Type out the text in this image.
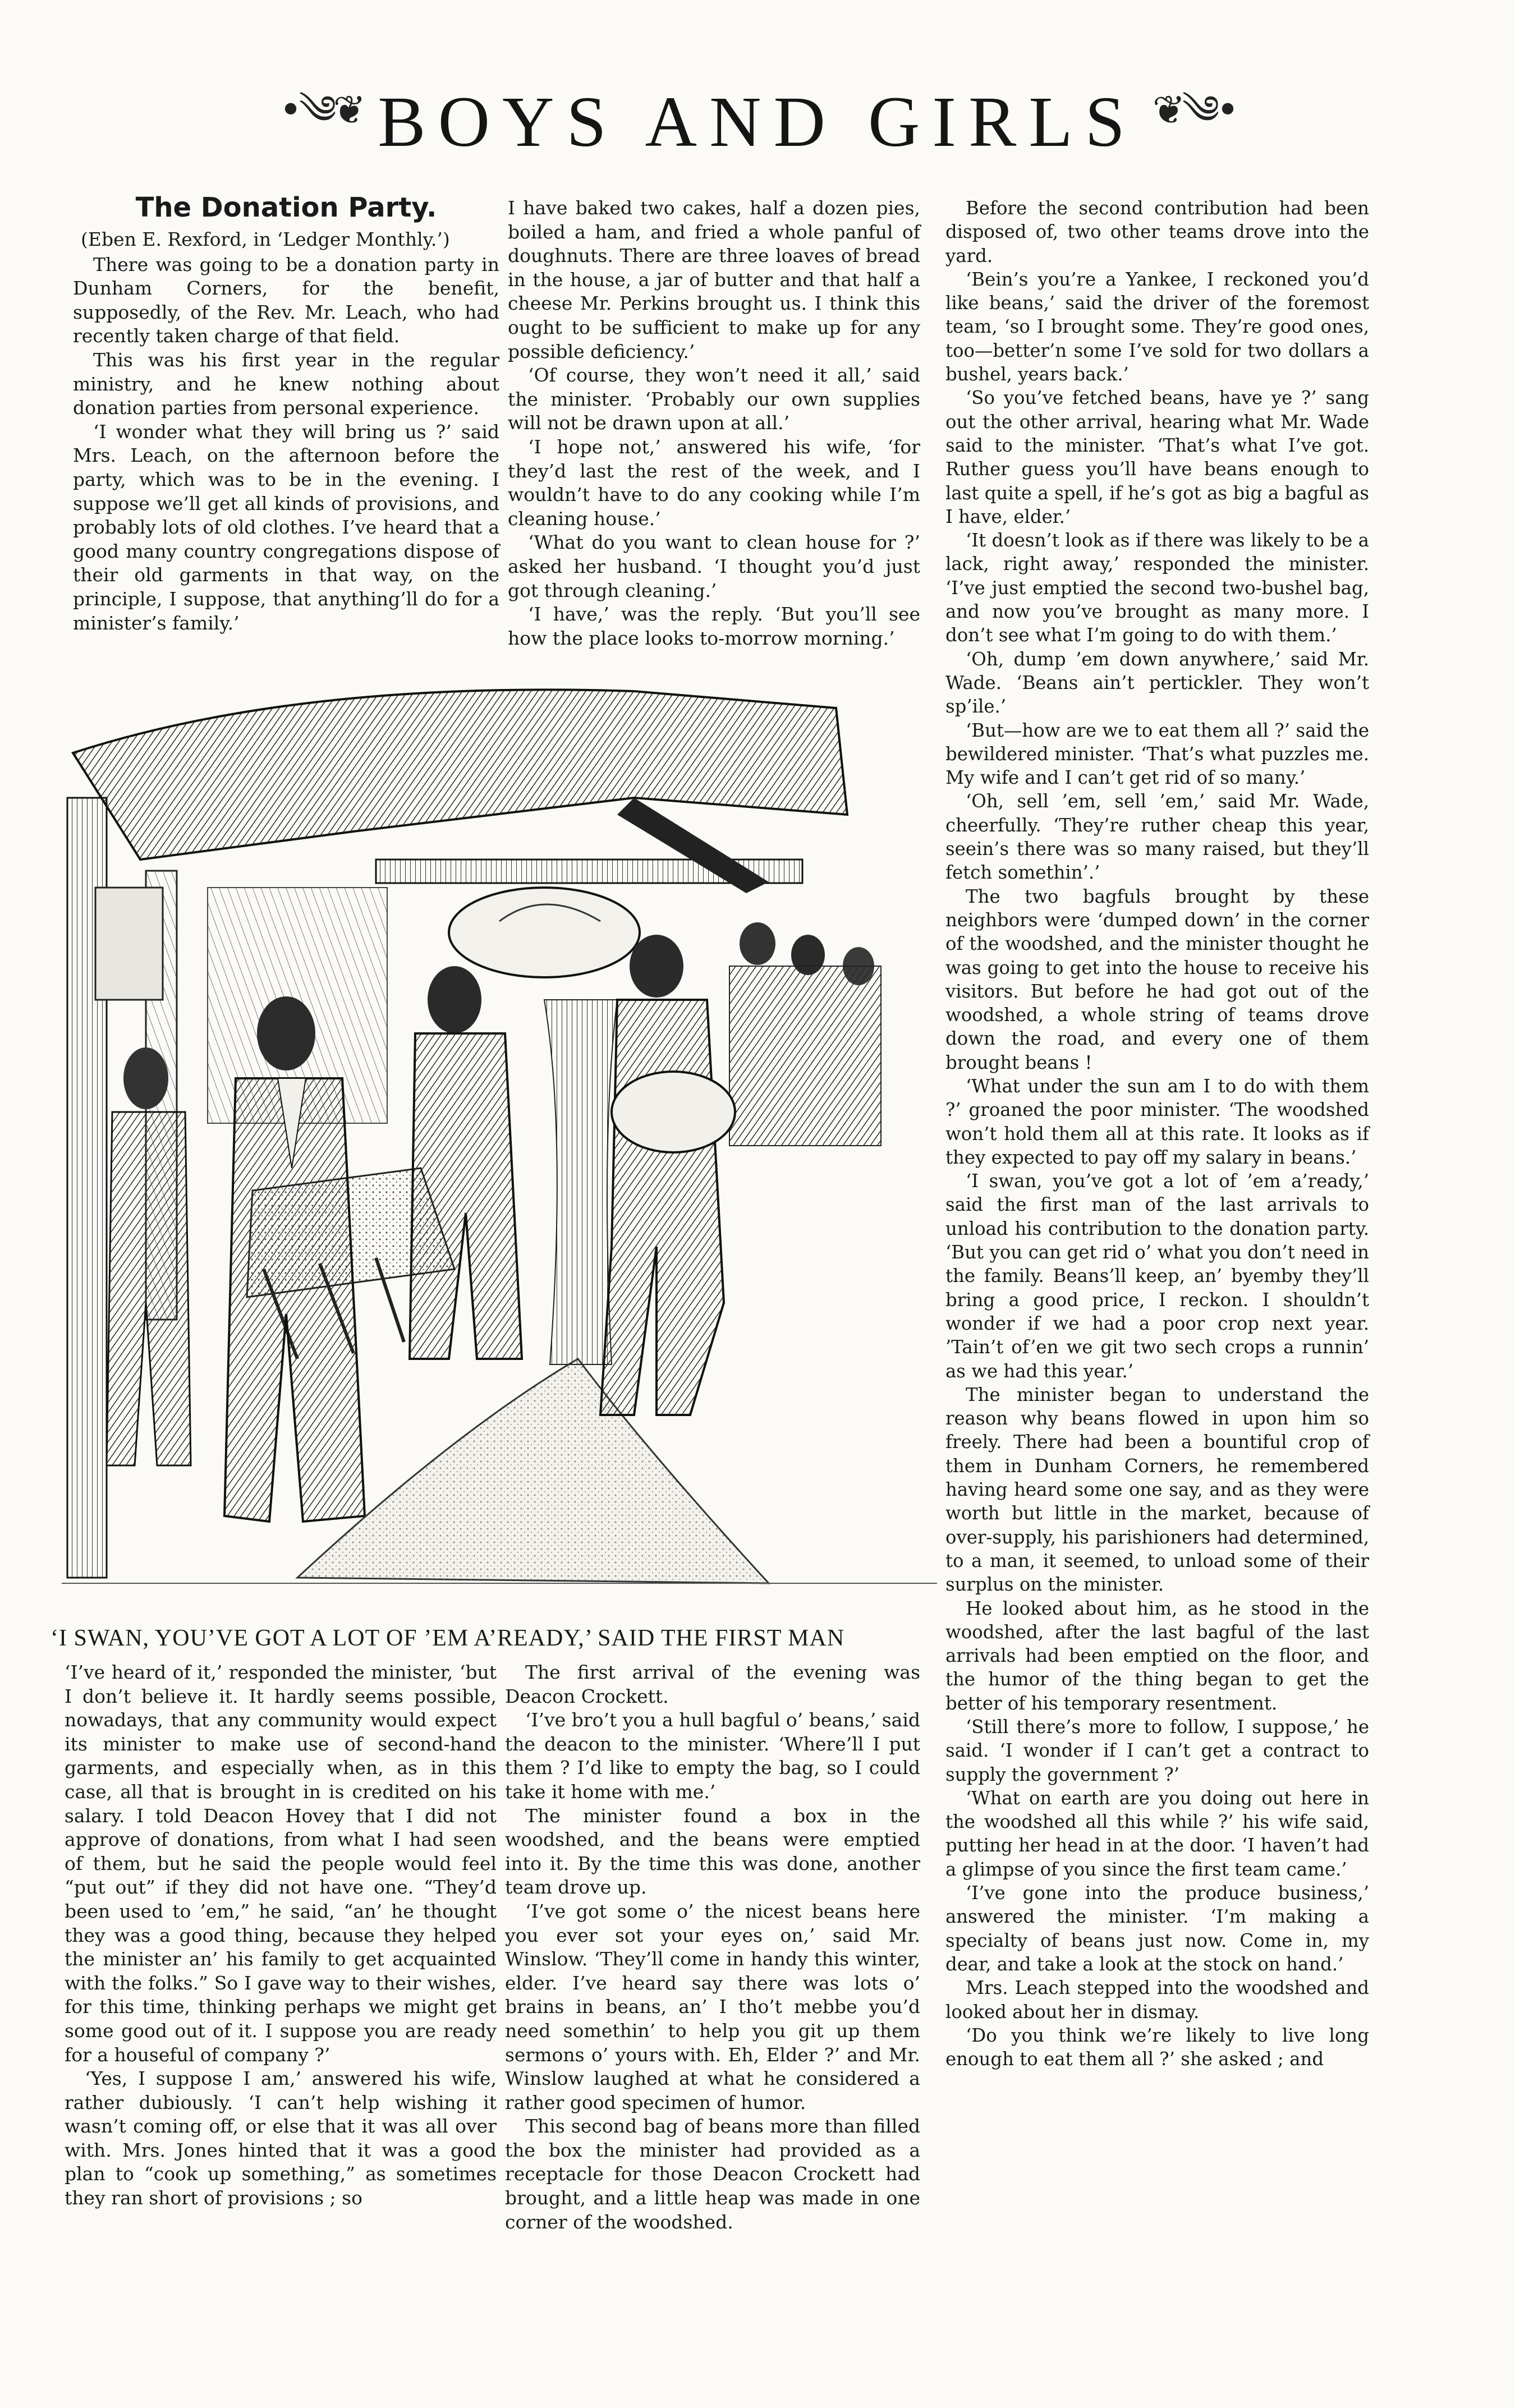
•༄❦ BOYS AND GIRLS ❦༄•
The Donation Party.

(Eben E. Rexford, in ‘Ledger Monthly.’)

There was going to be a donation party in Dunham Corners, for the benefit, supposedly, of the Rev. Mr. Leach, who had recently taken charge of that field.

This was his first year in the regular ministry, and he knew nothing about donation parties from personal experience.

‘I wonder what they will bring us ?’ said Mrs. Leach, on the afternoon before the party, which was to be in the evening. I suppose we’ll get all kinds of provisions, and probably lots of old clothes. I’ve heard that a good many country congregations dispose of their old garments in that way, on the principle, I suppose, that anything’ll do for a minister’s family.’

I have baked two cakes, half a dozen pies, boiled a ham, and fried a whole panful of doughnuts. There are three loaves of bread in the house, a jar of butter and that half a cheese Mr. Perkins brought us. I think this ought to be sufficient to make up for any possible deficiency.’

‘Of course, they won’t need it all,’ said the minister. ‘Probably our own supplies will not be drawn upon at all.’

‘I hope not,’ answered his wife, ‘for they’d last the rest of the week, and I wouldn’t have to do any cooking while I’m cleaning house.’

‘What do you want to clean house for ?’ asked her husband. ‘I thought you’d just got through cleaning.’

‘I have,’ was the reply. ‘But you’ll see how the place looks to-morrow morning.’

‘I SWAN, YOU’VE GOT A LOT OF ’EM A’READY,’ SAID THE FIRST MAN

‘I’ve heard of it,’ responded the minister, ‘but I don’t believe it. It hardly seems possible, nowadays, that any community would expect its minister to make use of second-hand garments, and especially when, as in this case, all that is brought in is credited on his salary. I told Deacon Hovey that I did not approve of donations, from what I had seen of them, but he said the people would feel “put out” if they did not have one. “They’d been used to ’em,” he said, “an’ he thought they was a good thing, because they helped the minister an’ his family to get acquainted with the folks.” So I gave way to their wishes, for this time, thinking perhaps we might get some good out of it. I suppose you are ready for a houseful of company ?’

‘Yes, I suppose I am,’ answered his wife, rather dubiously. ‘I can’t help wishing it wasn’t coming off, or else that it was all over with. Mrs. Jones hinted that it was a good plan to “cook up something,” as sometimes they ran short of provisions ; so

The first arrival of the evening was Deacon Crockett.

‘I’ve bro’t you a hull bagful o’ beans,’ said the deacon to the minister. ‘Where’ll I put them ? I’d like to empty the bag, so I could take it home with me.’

The minister found a box in the woodshed, and the beans were emptied into it. By the time this was done, another team drove up.

‘I’ve got some o’ the nicest beans here you ever sot your eyes on,’ said Mr. Winslow. ‘They’ll come in handy this winter, elder. I’ve heard say there was lots o’ brains in beans, an’ I tho’t mebbe you’d need somethin’ to help you git up them sermons o’ yours with. Eh, Elder ?’ and Mr. Winslow laughed at what he considered a rather good specimen of humor.

This second bag of beans more than filled the box the minister had provided as a receptacle for those Deacon Crockett had brought, and a little heap was made in one corner of the woodshed.

Before the second contribution had been disposed of, two other teams drove into the yard.

‘Bein’s you’re a Yankee, I reckoned you’d like beans,’ said the driver of the foremost team, ‘so I brought some. They’re good ones, too—better’n some I’ve sold for two dollars a bushel, years back.’

‘So you’ve fetched beans, have ye ?’ sang out the other arrival, hearing what Mr. Wade said to the minister. ‘That’s what I’ve got. Ruther guess you’ll have beans enough to last quite a spell, if he’s got as big a bagful as I have, elder.’

‘It doesn’t look as if there was likely to be a lack, right away,’ responded the minister. ‘I’ve just emptied the second two-bushel bag, and now you’ve brought as many more. I don’t see what I’m going to do with them.’

‘Oh, dump ’em down anywhere,’ said Mr. Wade. ‘Beans ain’t pertickler. They won’t sp’ile.’

‘But—how are we to eat them all ?’ said the bewildered minister. ‘That’s what puzzles me. My wife and I can’t get rid of so many.’

‘Oh, sell ’em, sell ’em,’ said Mr. Wade, cheerfully. ‘They’re ruther cheap this year, seein’s there was so many raised, but they’ll fetch somethin’.’

The two bagfuls brought by these neighbors were ‘dumped down’ in the corner of the woodshed, and the minister thought he was going to get into the house to receive his visitors. But before he had got out of the woodshed, a whole string of teams drove down the road, and every one of them brought beans !

‘What under the sun am I to do with them ?’ groaned the poor minister. ‘The woodshed won’t hold them all at this rate. It looks as if they expected to pay off my salary in beans.’

‘I swan, you’ve got a lot of ’em a’ready,’ said the first man of the last arrivals to unload his contribution to the donation party. ‘But you can get rid o’ what you don’t need in the family. Beans’ll keep, an’ byemby they’ll bring a good price, I reckon. I shouldn’t wonder if we had a poor crop next year. ’Tain’t of’en we git two sech crops a runnin’ as we had this year.’

The minister began to understand the reason why beans flowed in upon him so freely. There had been a bountiful crop of them in Dunham Corners, he remembered having heard some one say, and as they were worth but little in the market, because of over-supply, his parishioners had determined, to a man, it seemed, to unload some of their surplus on the minister.

He looked about him, as he stood in the woodshed, after the last bagful of the last arrivals had been emptied on the floor, and the humor of the thing began to get the better of his temporary resentment.

‘Still there’s more to follow, I suppose,’ he said. ‘I wonder if I can’t get a contract to supply the government ?’

‘What on earth are you doing out here in the woodshed all this while ?’ his wife said, putting her head in at the door. ‘I haven’t had a glimpse of you since the first team came.’

‘I’ve gone into the produce business,’ answered the minister. ‘I’m making a specialty of beans just now. Come in, my dear, and take a look at the stock on hand.’

Mrs. Leach stepped into the woodshed and looked about her in dismay.

‘Do you think we’re likely to live long enough to eat them all ?’ she asked ; and
